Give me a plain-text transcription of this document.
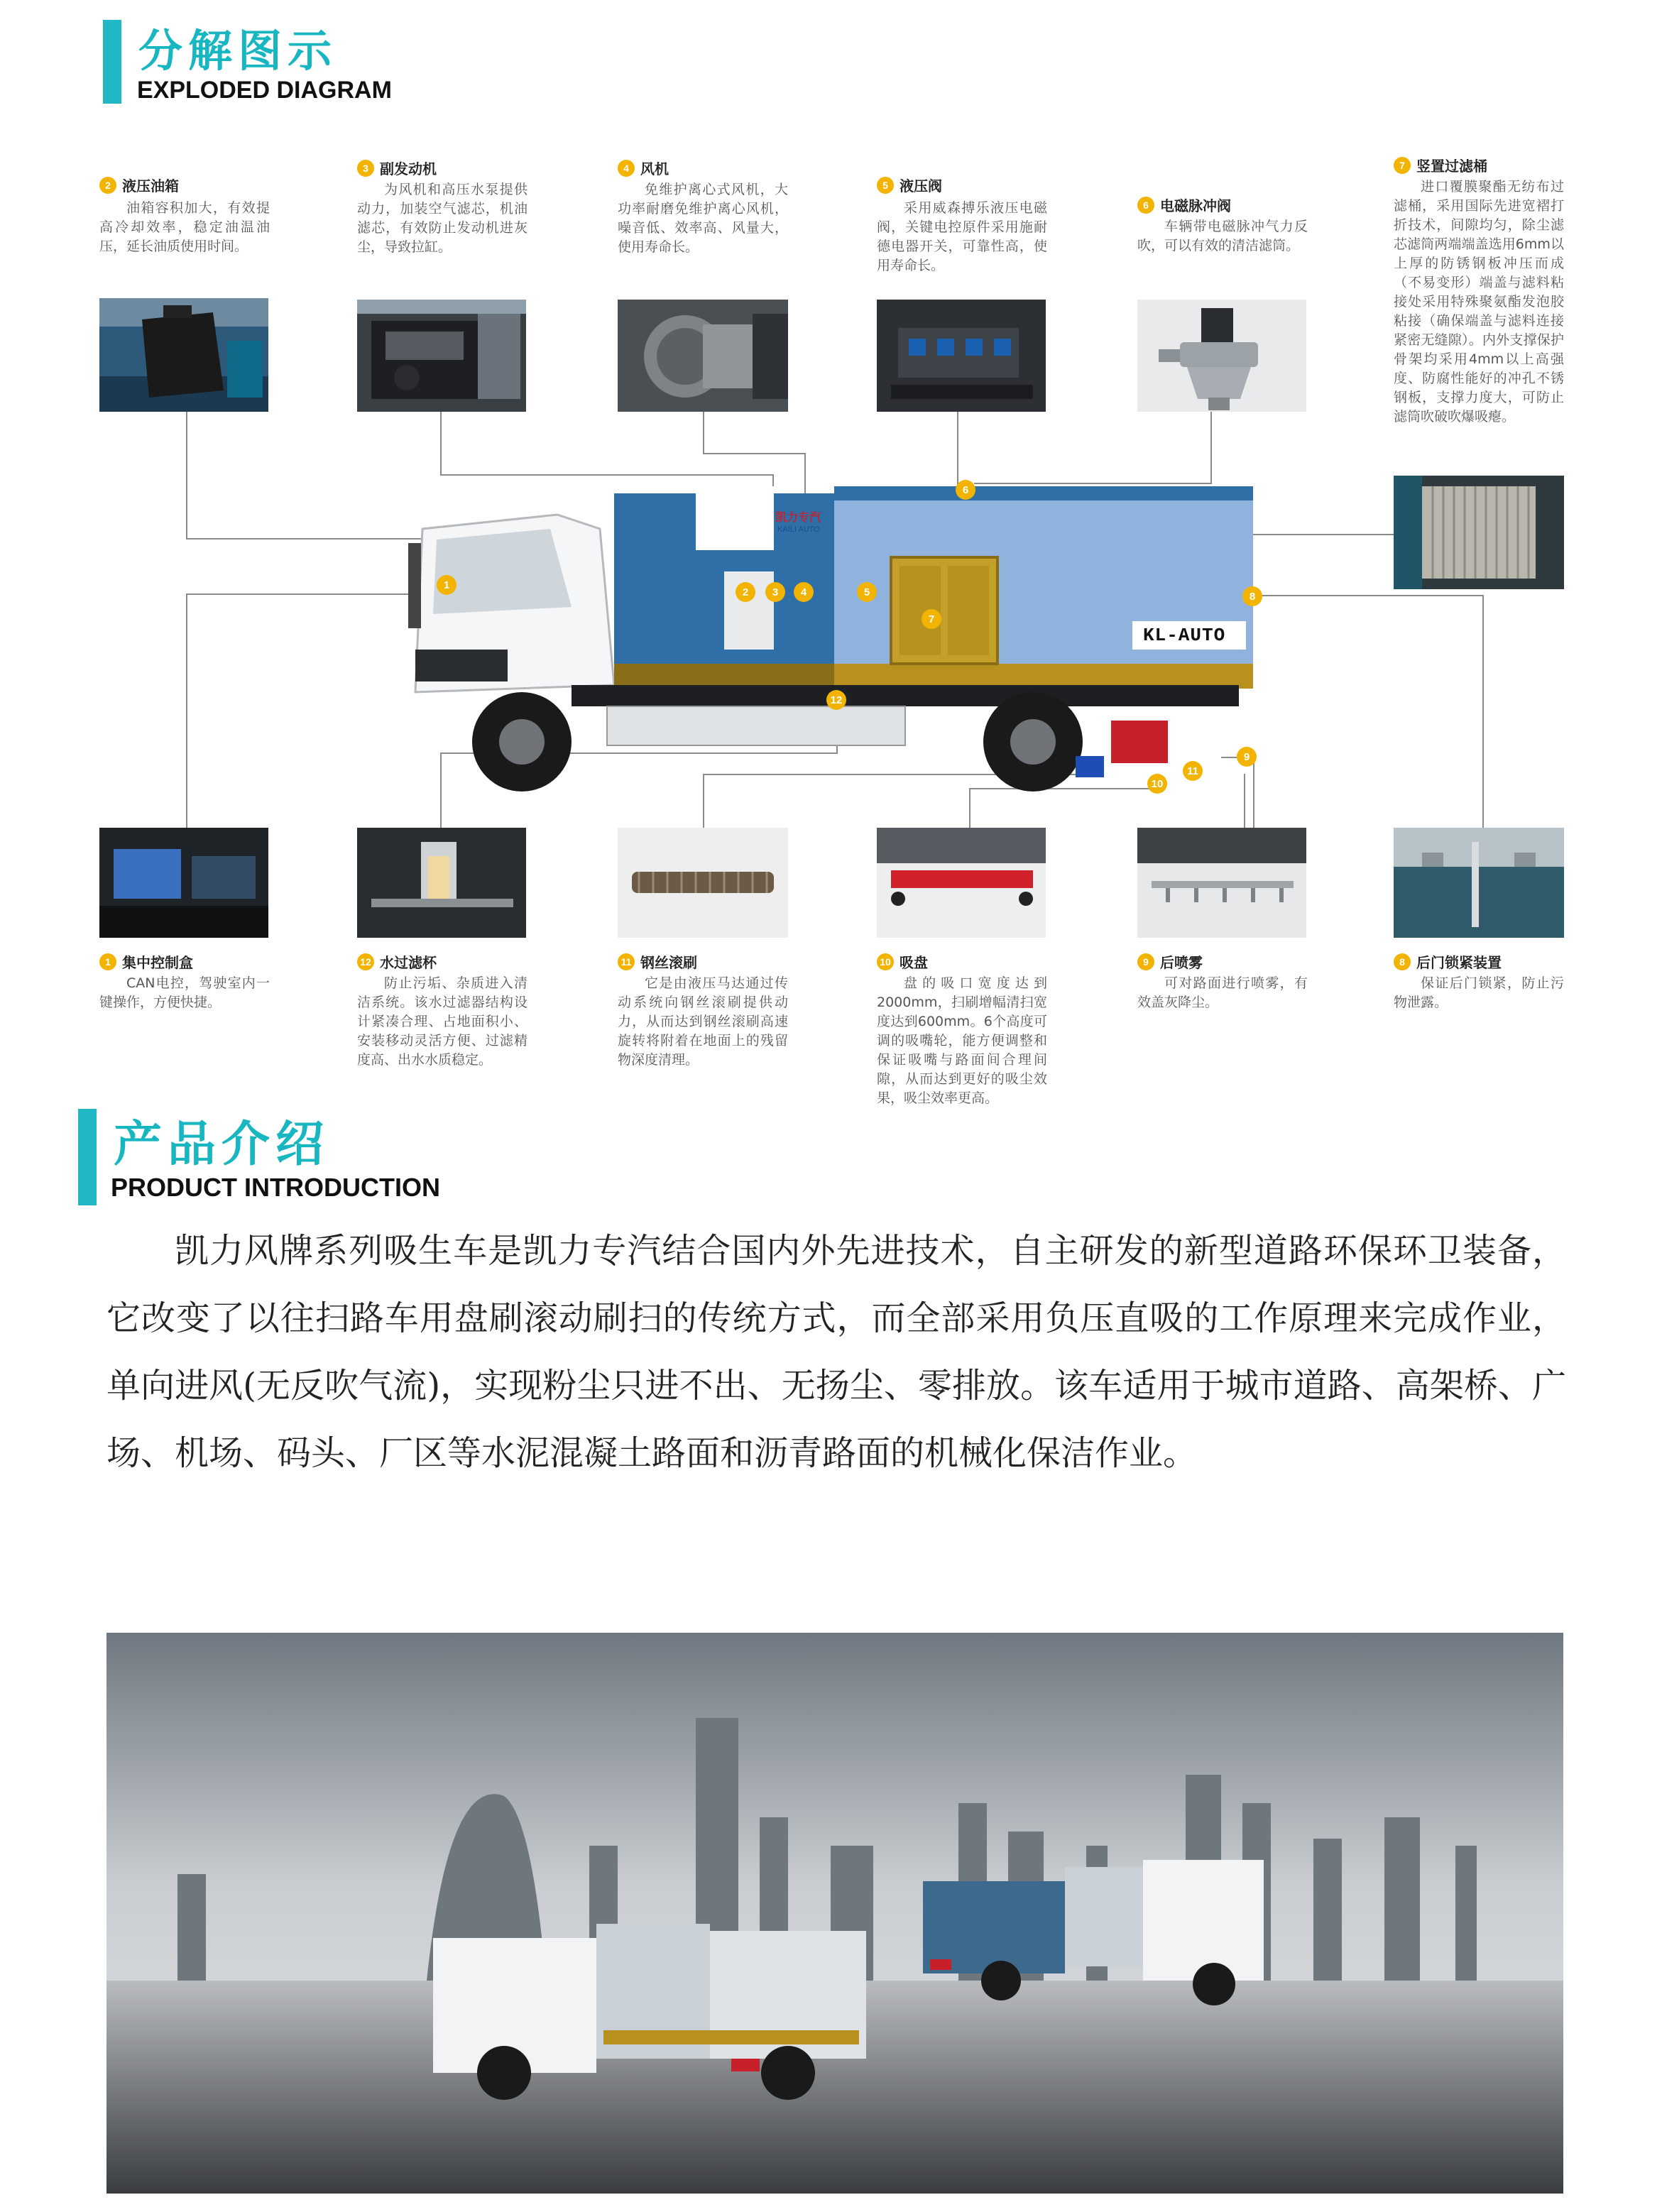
分解图示
EXPLODED DIAGRAM
2 液压油箱
油箱容积加大，有效提高冷却效率，稳定油温油压，延长油质使用时间。
3 副发动机
为风机和高压水泵提供动力，加装空气滤芯，机油滤芯，有效防止发动机进灰尘，导致拉缸。
4 风机
免维护离心式风机，大功率耐磨免维护离心风机，噪音低、效率高、风量大，使用寿命长。
5 液压阀
采用威森搏乐液压电磁阀，关键电控原件采用施耐德电器开关，可靠性高，使用寿命长。
6 电磁脉冲阀
车辆带电磁脉冲气力反吹，可以有效的清洁滤筒。
7 竖置过滤桶
进口覆膜聚酯无纺布过滤桶，采用国际先进宽褶打折技术，间隙均匀，除尘滤芯滤筒两端端盖选用6mm以上厚的防锈钢板冲压而成（不易变形）端盖与滤料粘接处采用特殊聚氨酯发泡胶粘接（确保端盖与滤料连接紧密无缝隙）。内外支撑保护骨架均采用4mm以上高强度、防腐性能好的冲孔不锈钢板，支撑力度大，可防止滤筒吹破吹爆吸瘪。
凯力专汽
KAILI AUTO
KL-AUTO
1
2	3	4	5
6
7
8
9
10
11
12
1 集中控制盒
CAN电控，驾驶室内一键操作，方便快捷。
12 水过滤杯
防止污垢、杂质进入清洁系统。该水过滤器结构设计紧凑合理、占地面积小、安装移动灵活方便、过滤精度高、出水水质稳定。
11 钢丝滚刷
它是由液压马达通过传动系统向钢丝滚刷提供动力，从而达到钢丝滚刷高速旋转将附着在地面上的残留物深度清理。
10 吸盘
盘的吸口宽度达到2000mm，扫刷增幅清扫宽度达到600mm。6个高度可调的吸嘴轮，能方便调整和保证吸嘴与路面间合理间隙，从而达到更好的吸尘效果，吸尘效率更高。
9 后喷雾
可对路面进行喷雾，有效盖灰降尘。
8 后门锁紧装置
保证后门锁紧，防止污物泄露。
产品介绍
PRODUCT INTRODUCTION
凯力风牌系列吸生车是凯力专汽结合国内外先进技术，自主研发的新型道路环保环卫装备，它改变了以往扫路车用盘刷滚动刷扫的传统方式，而全部采用负压直吸的工作原理来完成作业，单向进风(无反吹气流)，实现粉尘只进不出、无扬尘、零排放。该车适用于城市道路、高架桥、广场、机场、码头、厂区等水泥混凝土路面和沥青路面的机械化保洁作业。
